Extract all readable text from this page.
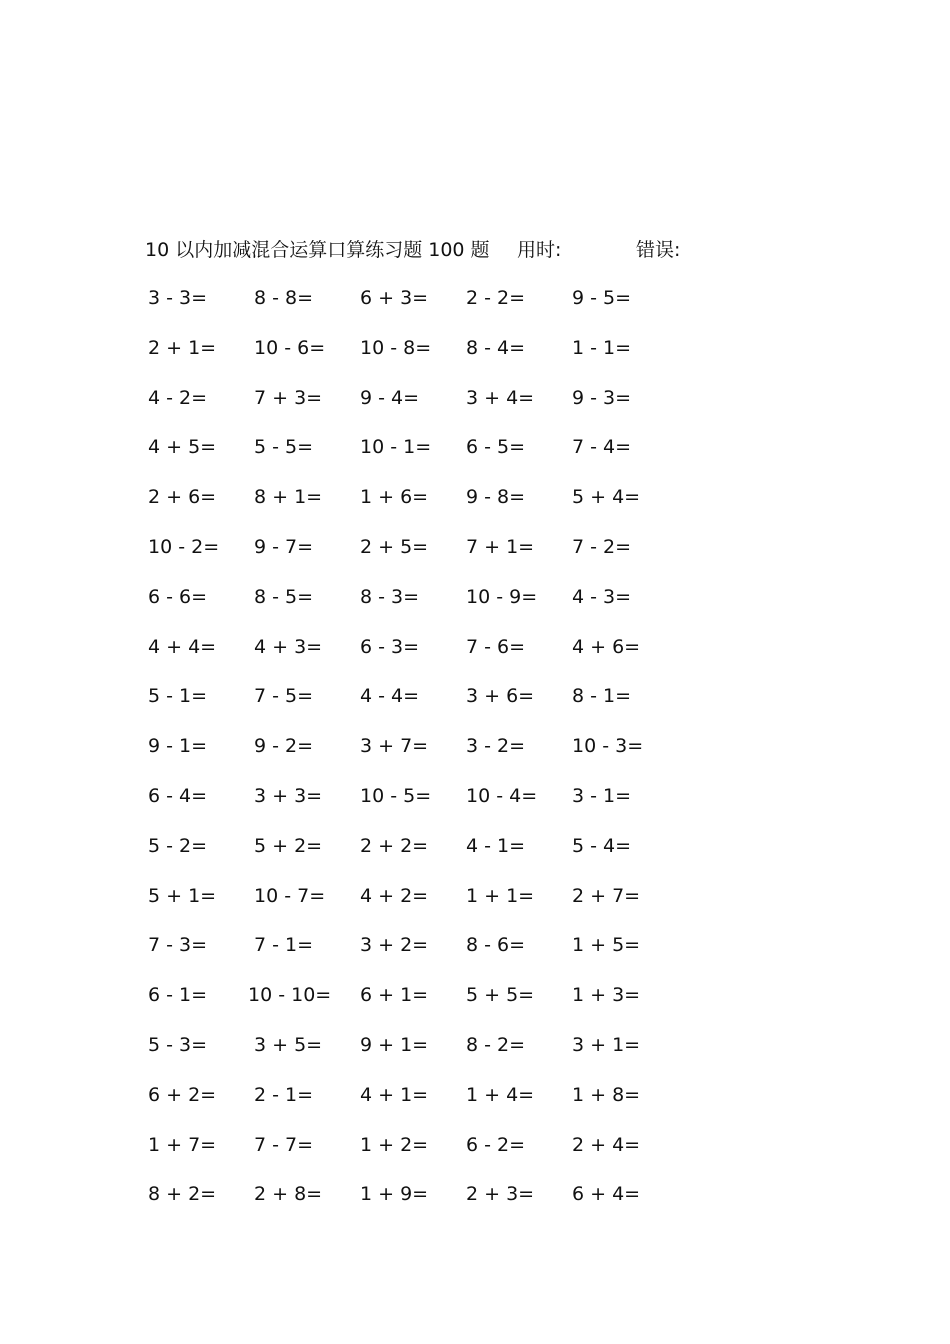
10 以内加减混合运算口算练习题 100 题 用时:	错误:
3 - 3= 8 - 8= 6 + 3= 2 - 2= 9 - 5=
2 + 1= 10 - 6= 10 - 8= 8 - 4= 1 - 1=
4 - 2= 7 + 3= 9 - 4= 3 + 4= 9 - 3=
4 + 5= 5 - 5= 10 - 1= 6 - 5= 7 - 4=
2 + 6= 8 + 1= 1 + 6= 9 - 8= 5 + 4=
10 - 2= 9 - 7= 2 + 5= 7 + 1= 7 - 2=
6 - 6= 8 - 5= 8 - 3= 10 - 9= 4 - 3=
4 + 4= 4 + 3= 6 - 3= 7 - 6= 4 + 6=
5 - 1= 7 - 5= 4 - 4= 3 + 6= 8 - 1=
9 - 1= 9 - 2= 3 + 7= 3 - 2= 10 - 3=
6 - 4= 3 + 3= 10 - 5= 10 - 4= 3 - 1=
5 - 2= 5 + 2= 2 + 2= 4 - 1= 5 - 4=
5 + 1= 10 - 7= 4 + 2= 1 + 1= 2 + 7=
7 - 3= 7 - 1= 3 + 2= 8 - 6= 1 + 5=
6 - 1= 10 - 10= 6 + 1= 5 + 5= 1 + 3=
5 - 3= 3 + 5= 9 + 1= 8 - 2= 3 + 1=
6 + 2= 2 - 1= 4 + 1= 1 + 4= 1 + 8=
1 + 7= 7 - 7= 1 + 2= 6 - 2= 2 + 4=
8 + 2= 2 + 8= 1 + 9= 2 + 3= 6 + 4=
